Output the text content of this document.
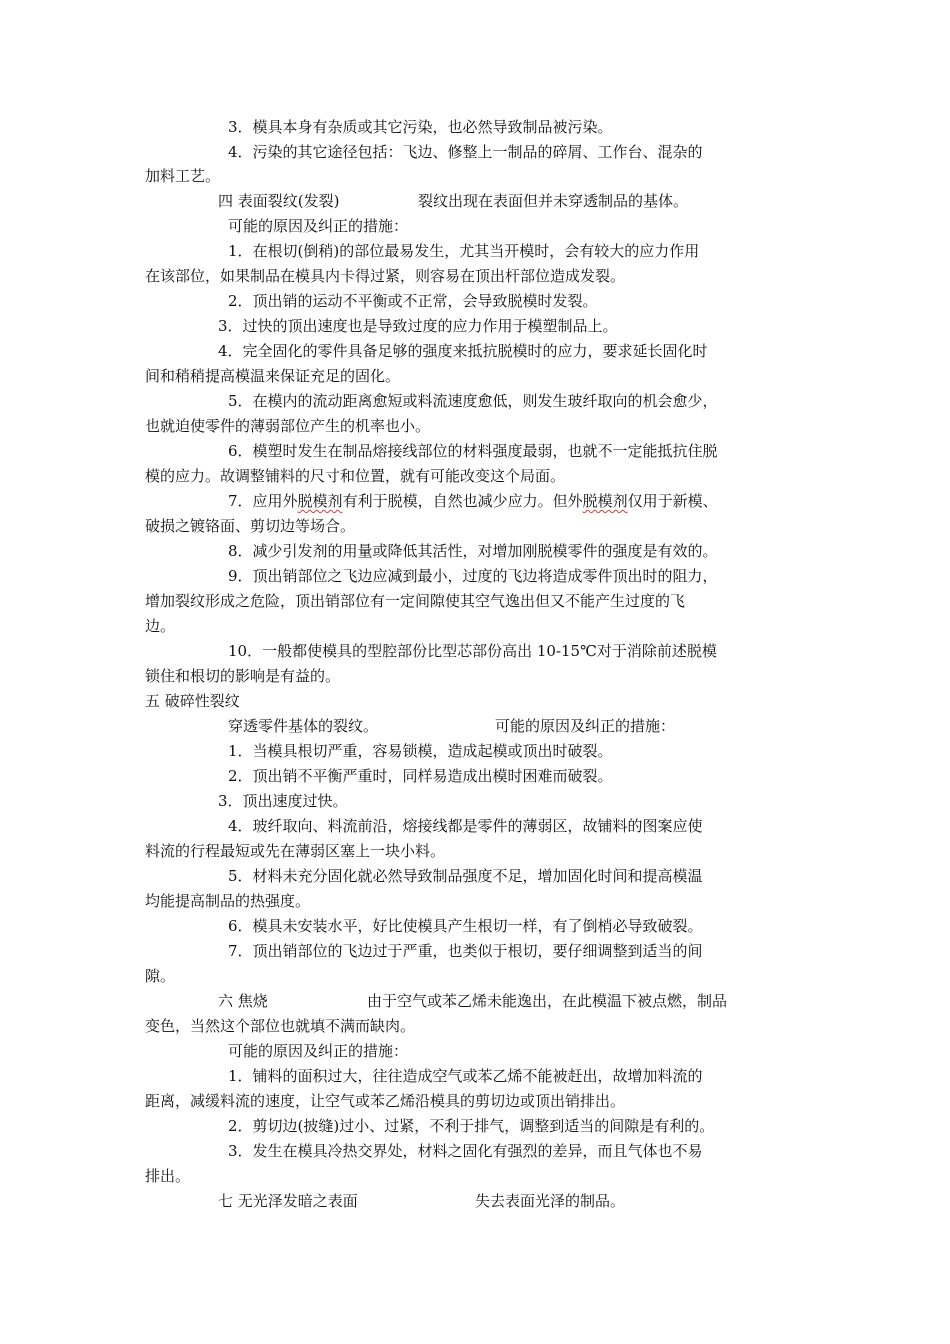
3．模具本身有杂质或其它污染，也必然导致制品被污染。
4．污染的其它途径包括：飞边、修整上一制品的碎屑、工作台、混杂的
加料工艺。
四 表面裂纹(发裂)	裂纹出现在表面但并未穿透制品的基体。
可能的原因及纠正的措施：
1．在根切(倒稍)的部位最易发生，尤其当开模时，会有较大的应力作用
在该部位，如果制品在模具内卡得过紧，则容易在顶出杆部位造成发裂。
2．顶出销的运动不平衡或不正常，会导致脱模时发裂。
3．过快的顶出速度也是导致过度的应力作用于模塑制品上。
4．完全固化的零件具备足够的强度来抵抗脱模时的应力，要求延长固化时
间和稍稍提高模温来保证充足的固化。
5．在模内的流动距离愈短或料流速度愈低，则发生玻纤取向的机会愈少，
也就迫使零件的薄弱部位产生的机率也小。
6．模塑时发生在制品熔接线部位的材料强度最弱，也就不一定能抵抗住脱
模的应力。故调整铺料的尺寸和位置，就有可能改变这个局面。
7．应用外脱模剂有利于脱模，自然也减少应力。但外脱模剂仅用于新模、
破损之镀铬面、剪切边等场合。
8．减少引发剂的用量或降低其活性，对增加刚脱模零件的强度是有效的。
9．顶出销部位之飞边应减到最小，过度的飞边将造成零件顶出时的阻力，
增加裂纹形成之危险，顶出销部位有一定间隙使其空气逸出但又不能产生过度的飞
边。
10．一般都使模具的型腔部份比型芯部份高出 10-15℃对于消除前述脱模
锁住和根切的影响是有益的。
五 破碎性裂纹
穿透零件基体的裂纹。	可能的原因及纠正的措施：
1．当模具根切严重，容易锁模，造成起模或顶出时破裂。
2．顶出销不平衡严重时，同样易造成出模时困难而破裂。
3．顶出速度过快。
4．玻纤取向、料流前沿，熔接线都是零件的薄弱区，故铺料的图案应使
料流的行程最短或先在薄弱区塞上一块小料。
5．材料未充分固化就必然导致制品强度不足，增加固化时间和提高模温
均能提高制品的热强度。
6．模具未安装水平，好比使模具产生根切一样，有了倒梢必导致破裂。
7．顶出销部位的飞边过于严重，也类似于根切，要仔细调整到适当的间
隙。
六 焦烧	由于空气或苯乙烯未能逸出，在此模温下被点燃，制品
变色，当然这个部位也就填不满而缺肉。
可能的原因及纠正的措施：
1．铺料的面积过大，往往造成空气或苯乙烯不能被赶出，故增加料流的
距离，减缓料流的速度，让空气或苯乙烯沿模具的剪切边或顶出销排出。
2．剪切边(披缝)过小、过紧，不利于排气，调整到适当的间隙是有利的。
3．发生在模具冷热交界处，材料之固化有强烈的差异，而且气体也不易
排出。
七 无光泽发暗之表面	失去表面光泽的制品。
